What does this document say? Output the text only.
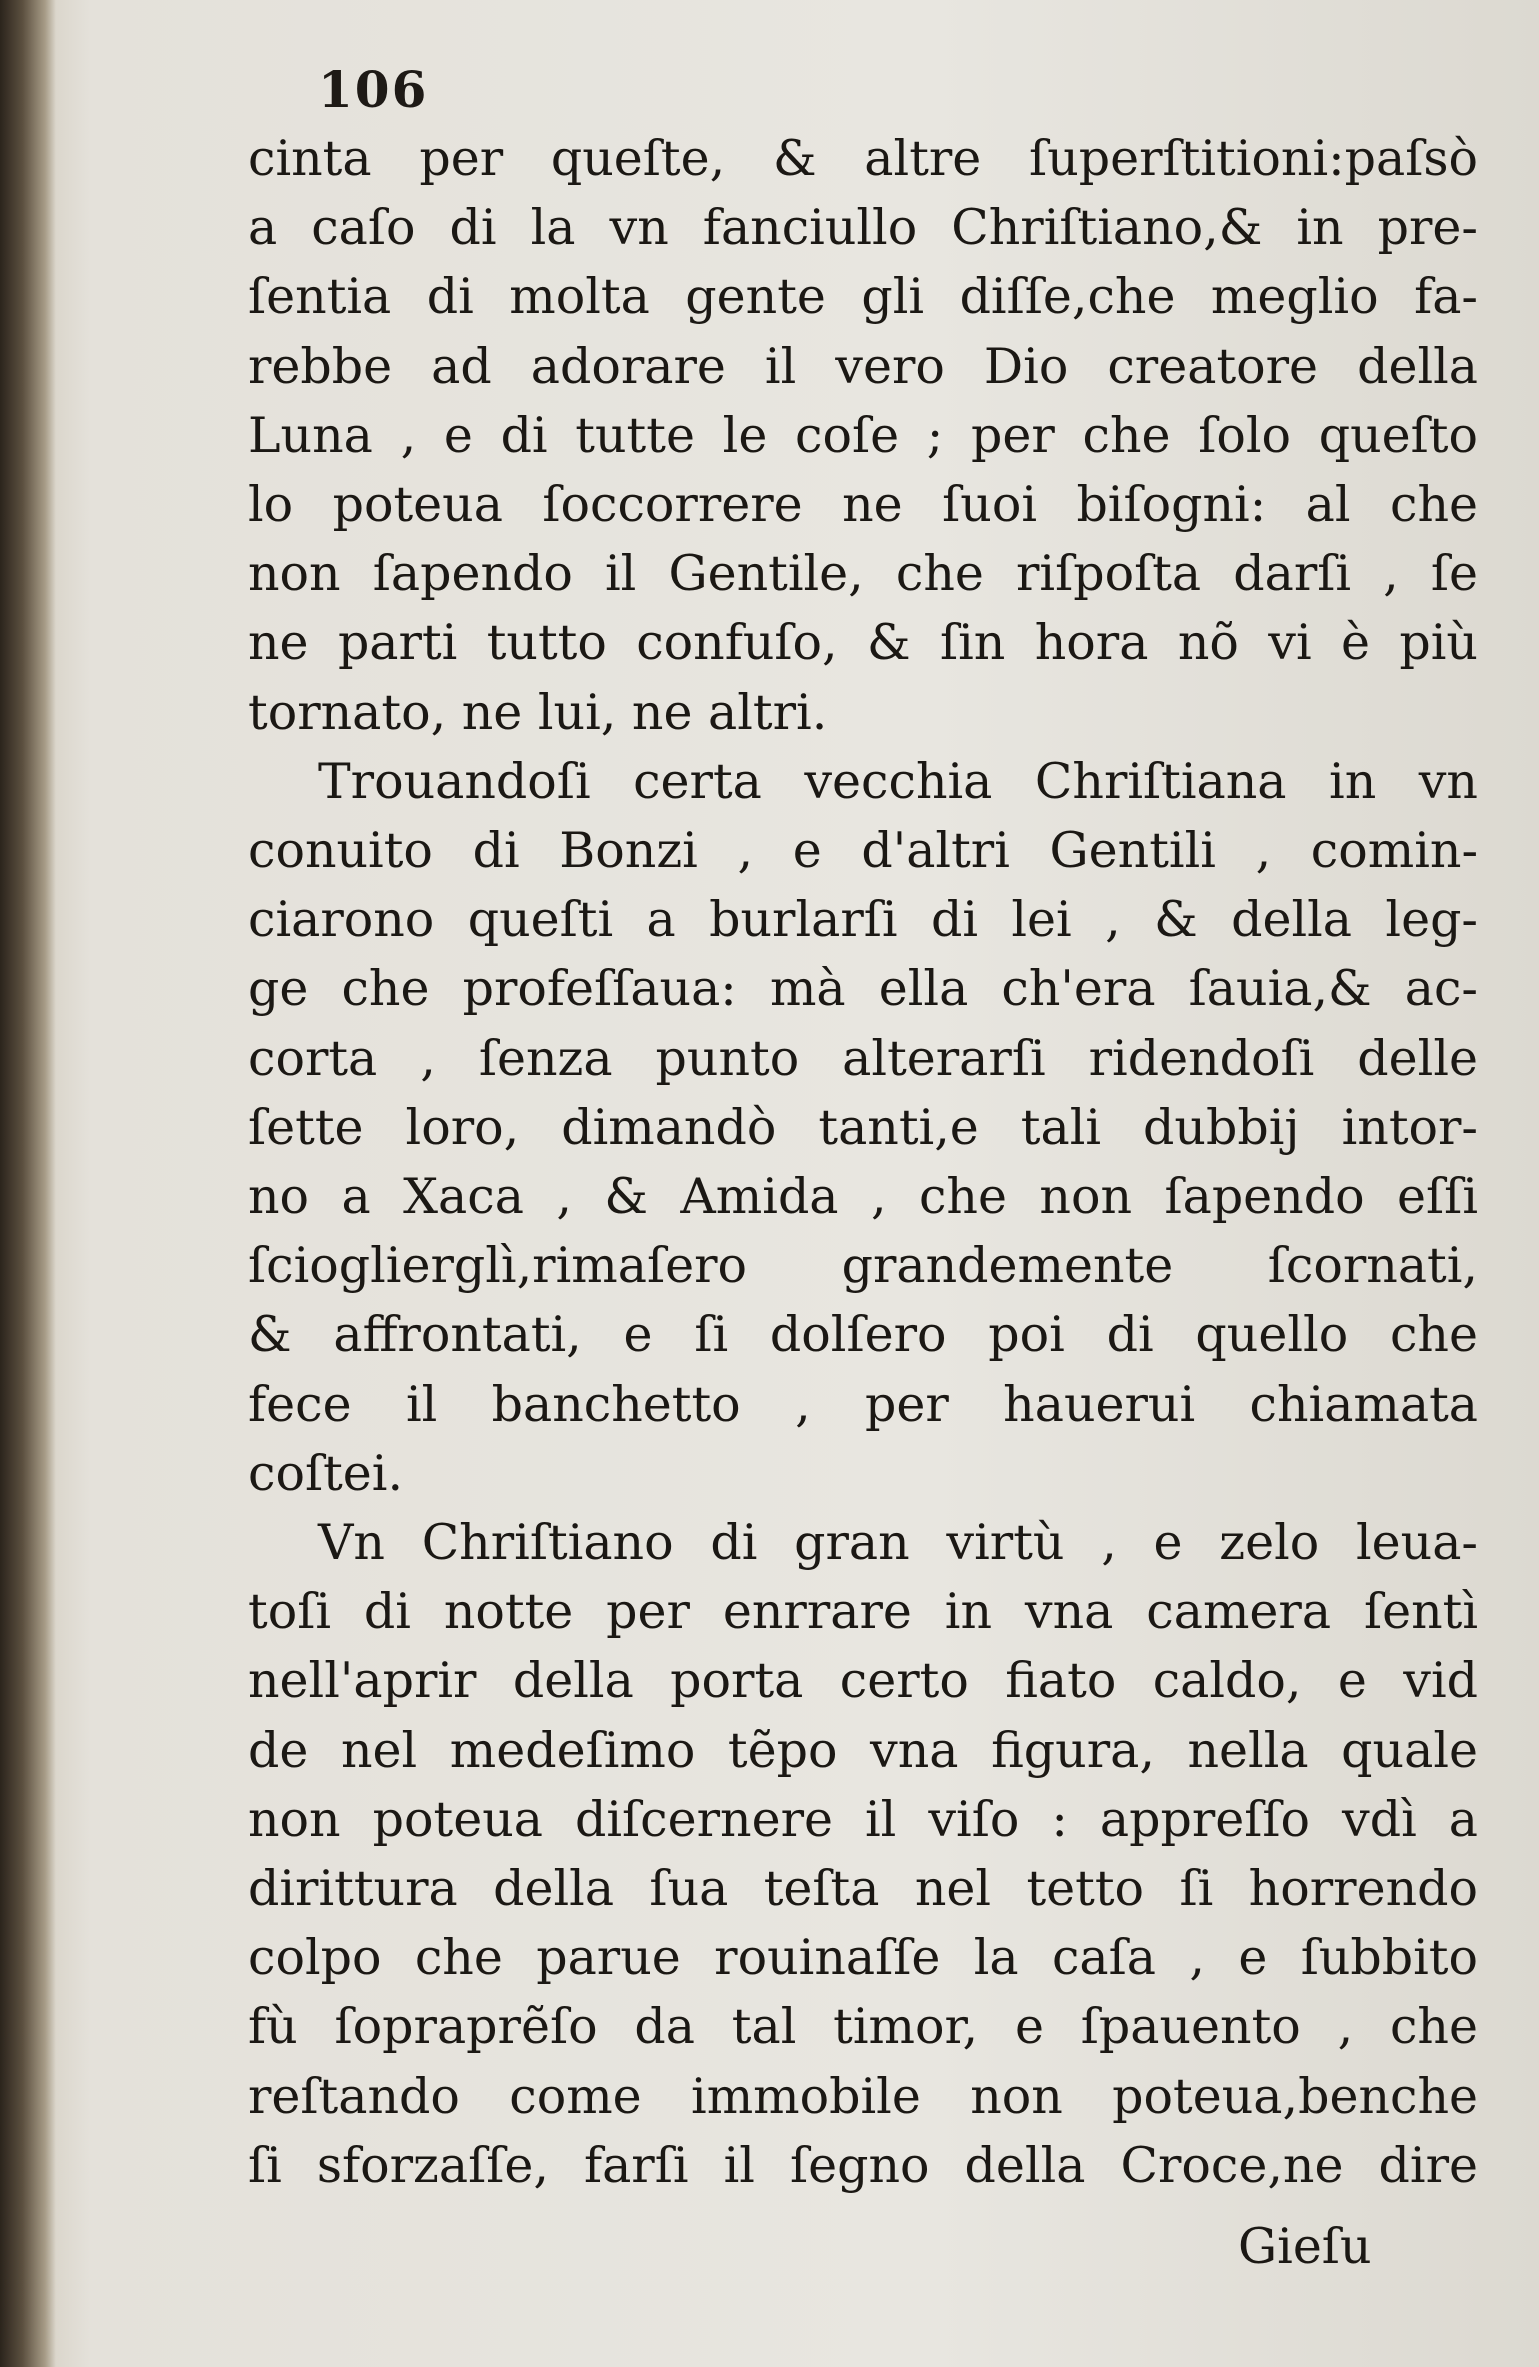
106
cinta per queſte, & altre ſuperſtitioni:paſsò
a caſo di la vn fanciullo Chriſtiano,& in pre-
ſentia di molta gente gli diſſe,che meglio fa-
rebbe ad adorare il vero Dio creatore della
Luna , e di tutte le coſe ; per che ſolo queſto
lo poteua ſoccorrere ne ſuoi biſogni: al che
non ſapendo il Gentile, che riſpoſta darſi , ſe
ne parti tutto confuſo, & ſin hora nõ vi è più
tornato, ne lui, ne altri.
Trouandoſi certa vecchia Chriſtiana in vn
conuito di Bonzi , e d'altri Gentili , comin-
ciarono queſti a burlarſi di lei , & della leg-
ge che profeſſaua: mà ella ch'era ſauia,& ac-
corta , ſenza punto alterarſi ridendoſi delle
ſette loro, dimandò tanti,e tali dubbij intor-
no a Xaca , & Amida , che non ſapendo eſſi
ſcioglierglì,rimaſero grandemente ſcornati,
& affrontati, e ſi dolſero poi di quello che
fece il banchetto , per hauerui chiamata
coſtei.
Vn Chriſtiano di gran virtù , e zelo leua-
toſi di notte per enrrare in vna camera ſentì
nell'aprir della porta certo fiato caldo, e vid
de nel medeſimo tẽpo vna figura, nella quale
non poteua diſcernere il viſo : appreſſo vdì a
dirittura della ſua teſta nel tetto ſi horrendo
colpo che parue rouinaſſe la caſa , e ſubbito
fù ſopraprẽſo da tal timor, e ſpauento , che
reſtando come immobile non poteua,benche
ſi sforzaſſe, farſi il ſegno della Croce,ne dire
Gieſu
